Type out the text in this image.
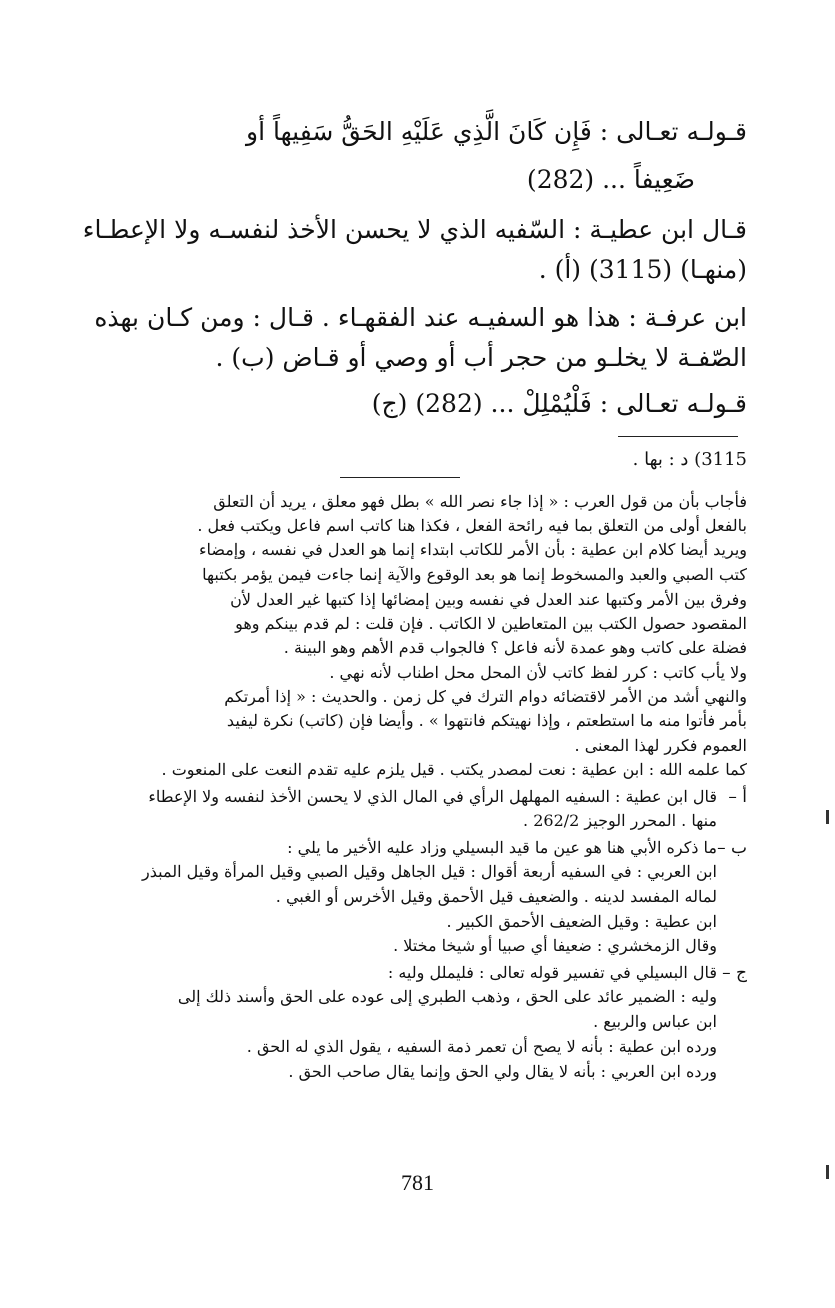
قـولـه تعـالى : فَإِن كَانَ الَّذِي عَلَيْهِ الحَقُّ سَفِيهاً أو
ضَعِيفاً ... (282)
قـال ابن عطيـة : السّفيه الذي لا يحسن الأخذ لنفسـه ولا الإعطـاء
(منهـا) (3115) (أ) .
ابن عرفـة : هذا هو السفيـه عند الفقهـاء . قـال : ومن كـان بهذه
الصّفـة لا يخلـو من حجر أب أو وصي أو قـاض (ب) .
قـولـه تعـالى : فَلْيُمْلِلْ ... (282) (ج)
3115) د : بها .
فأجاب بأن من قول العرب : « إذا جاء نصر الله » بطل فهو معلق ، يريد أن التعلق
بالفعل أولى من التعلق بما فيه رائحة الفعل ، فكذا هنا كاتب اسم فاعل ويكتب فعل .
ويريد أيضا كلام ابن عطية : بأن الأمر للكاتب ابتداء إنما هو العدل في نفسه ، وإمضاء
كتب الصبي والعبد والمسخوط إنما هو بعد الوقوع والآية إنما جاءت فيمن يؤمر بكتبها
وفرق بين الأمر وكتبها عند العدل في نفسه وبين إمضائها إذا كتبها غير العدل لأن
المقصود حصول الكتب بين المتعاطين لا الكاتب . فإن قلت : لم قدم بينكم وهو
فضلة على كاتب وهو عمدة لأنه فاعل ؟ فالجواب قدم الأهم وهو البينة .
ولا يأب كاتب : كرر لفظ كاتب لأن المحل محل اطناب لأنه نهي .
والنهي أشد من الأمر لاقتضائه دوام الترك في كل زمن . والحديث : « إذا أمرتكم
بأمر فأتوا منه ما استطعتم ، وإذا نهيتكم فانتهوا » . وأيضا فإن (كاتب) نكرة ليفيد
العموم فكرر لهذا المعنى .
كما علمه الله : ابن عطية : نعت لمصدر يكتب . قيل يلزم عليه تقدم النعت على المنعوت .
أ –
قال ابن عطية : السفيه المهلهل الرأي في المال الذي لا يحسن الأخذ لنفسه ولا الإعطاء
منها . المحرر الوجيز 262/2 .
ب –
ما ذكره الأبي هنا هو عين ما قيد البسيلي وزاد عليه الأخير ما يلي :
ابن العربي : في السفيه أربعة أقوال : قيل الجاهل وقيل الصبي وقيل المرأة وقيل المبذر
لماله المفسد لدينه . والضعيف قيل الأحمق وقيل الأخرس أو الغبي .
ابن عطية : وقيل الضعيف الأحمق الكبير .
وقال الزمخشري : ضعيفا أي صبيا أو شيخا مختلا .
ج –
قال البسيلي في تفسير قوله تعالى : فليملل وليه :
وليه : الضمير عائد على الحق ، وذهب الطبري إلى عوده على الحق وأسند ذلك إلى
ابن عباس والربيع .
ورده ابن عطية : بأنه لا يصح أن تعمر ذمة السفيه ، يقول الذي له الحق .
ورده ابن العربي : بأنه لا يقال ولي الحق وإنما يقال صاحب الحق .
781
